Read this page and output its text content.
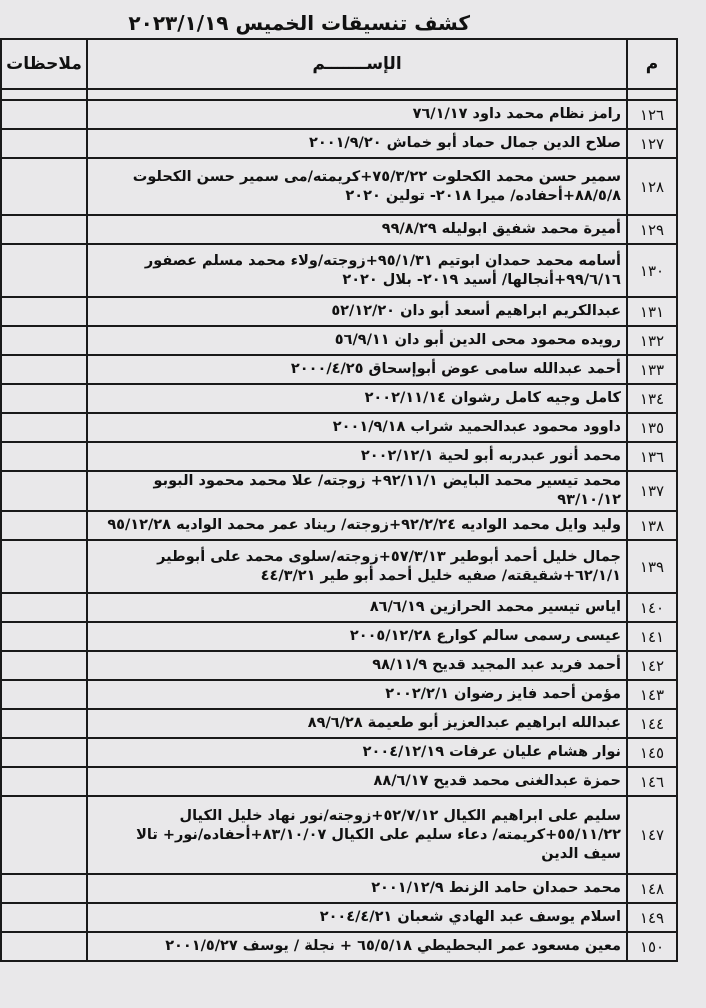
كشف تنسيقات الخميس ٢٠٢٣/١/١٩
م	الإســـــــم	ملاحظات

١٢٦	رامز نظام محمد داود ٧٦/١/١٧	

١٢٧	صلاح الدين جمال حماد أبو خماش ٢٠٠١/٩/٢٠	

١٢٨	سمير حسن محمد الكحلوت ٧٥/٣/٢٢+كريمته/مى سمير حسن الكحلوت
٨٨/٥/٨+أحفاده/ ميرا ٢٠١٨- تولين ٢٠٢٠	

١٢٩	أميرة محمد شفيق ابوليله ٩٩/٨/٢٩	

١٣٠	أسامه محمد حمدان ابوتيم ٩٥/١/٣١+زوجته/ولاء محمد مسلم عصفور
٩٩/٦/١٦+أنجالها/ أسيد ٢٠١٩- بلال ٢٠٢٠	

١٣١	عبدالكريم ابراهيم أسعد أبو دان ٥٢/١٢/٢٠	

١٣٢	رويده محمود محى الدين أبو دان ٥٦/٩/١١	

١٣٣	أحمد عبدالله سامى عوض أبوإسحاق ٢٠٠٠/٤/٢٥	

١٣٤	كامل وجيه كامل رشوان ٢٠٠٢/١١/١٤	

١٣٥	داوود محمود عبدالحميد شراب ٢٠٠١/٩/١٨	

١٣٦	محمد أنور عبدربه أبو لحية ٢٠٠٢/١٢/١	

١٣٧	محمد تيسير محمد البايض ٩٢/١١/١+ زوجته/ علا محمد محمود البوبو ٩٣/١٠/١٢	

١٣٨	وليد وايل محمد الواديه ٩٢/٢/٢٤+زوجته/ ريناد عمر محمد الواديه ٩٥/١٢/٢٨	

١٣٩	جمال خليل أحمد أبوطير ٥٧/٣/١٣+زوجته/سلوى محمد على أبوطير
٦٢/١/١+شقيقته/ صفيه خليل أحمد أبو طير ٤٤/٣/٢١	

١٤٠	اياس تيسير محمد الحرازين ٨٦/٦/١٩	

١٤١	عيسى رسمى سالم كوارع ٢٠٠٥/١٢/٢٨	

١٤٢	أحمد فريد عبد المجيد قديح ٩٨/١١/٩	

١٤٣	مؤمن أحمد فايز رضوان ٢٠٠٢/٢/١	

١٤٤	عبدالله ابراهيم عبدالعزيز أبو طعيمة ٨٩/٦/٢٨	

١٤٥	نوار هشام عليان عرفات ٢٠٠٤/١٢/١٩	

١٤٦	حمزة عبدالغنى محمد قديح ٨٨/٦/١٧	

١٤٧	سليم على ابراهيم الكيال ٥٢/٧/١٢+زوجته/نور نهاد خليل الكيال
٥٥/١١/٢٢+كريمته/ دعاء سليم على الكيال ٨٣/١٠/٠٧+أحفاده/نور+ تالا
سيف الدين	

١٤٨	محمد حمدان حامد الزنط ٢٠٠١/١٢/٩	

١٤٩	اسلام يوسف عبد الهادي شعبان ٢٠٠٤/٤/٢١	

١٥٠	معين مسعود عمر البحطيطي ٦٥/٥/١٨ + نجلة / يوسف ٢٠٠١/٥/٢٧	
